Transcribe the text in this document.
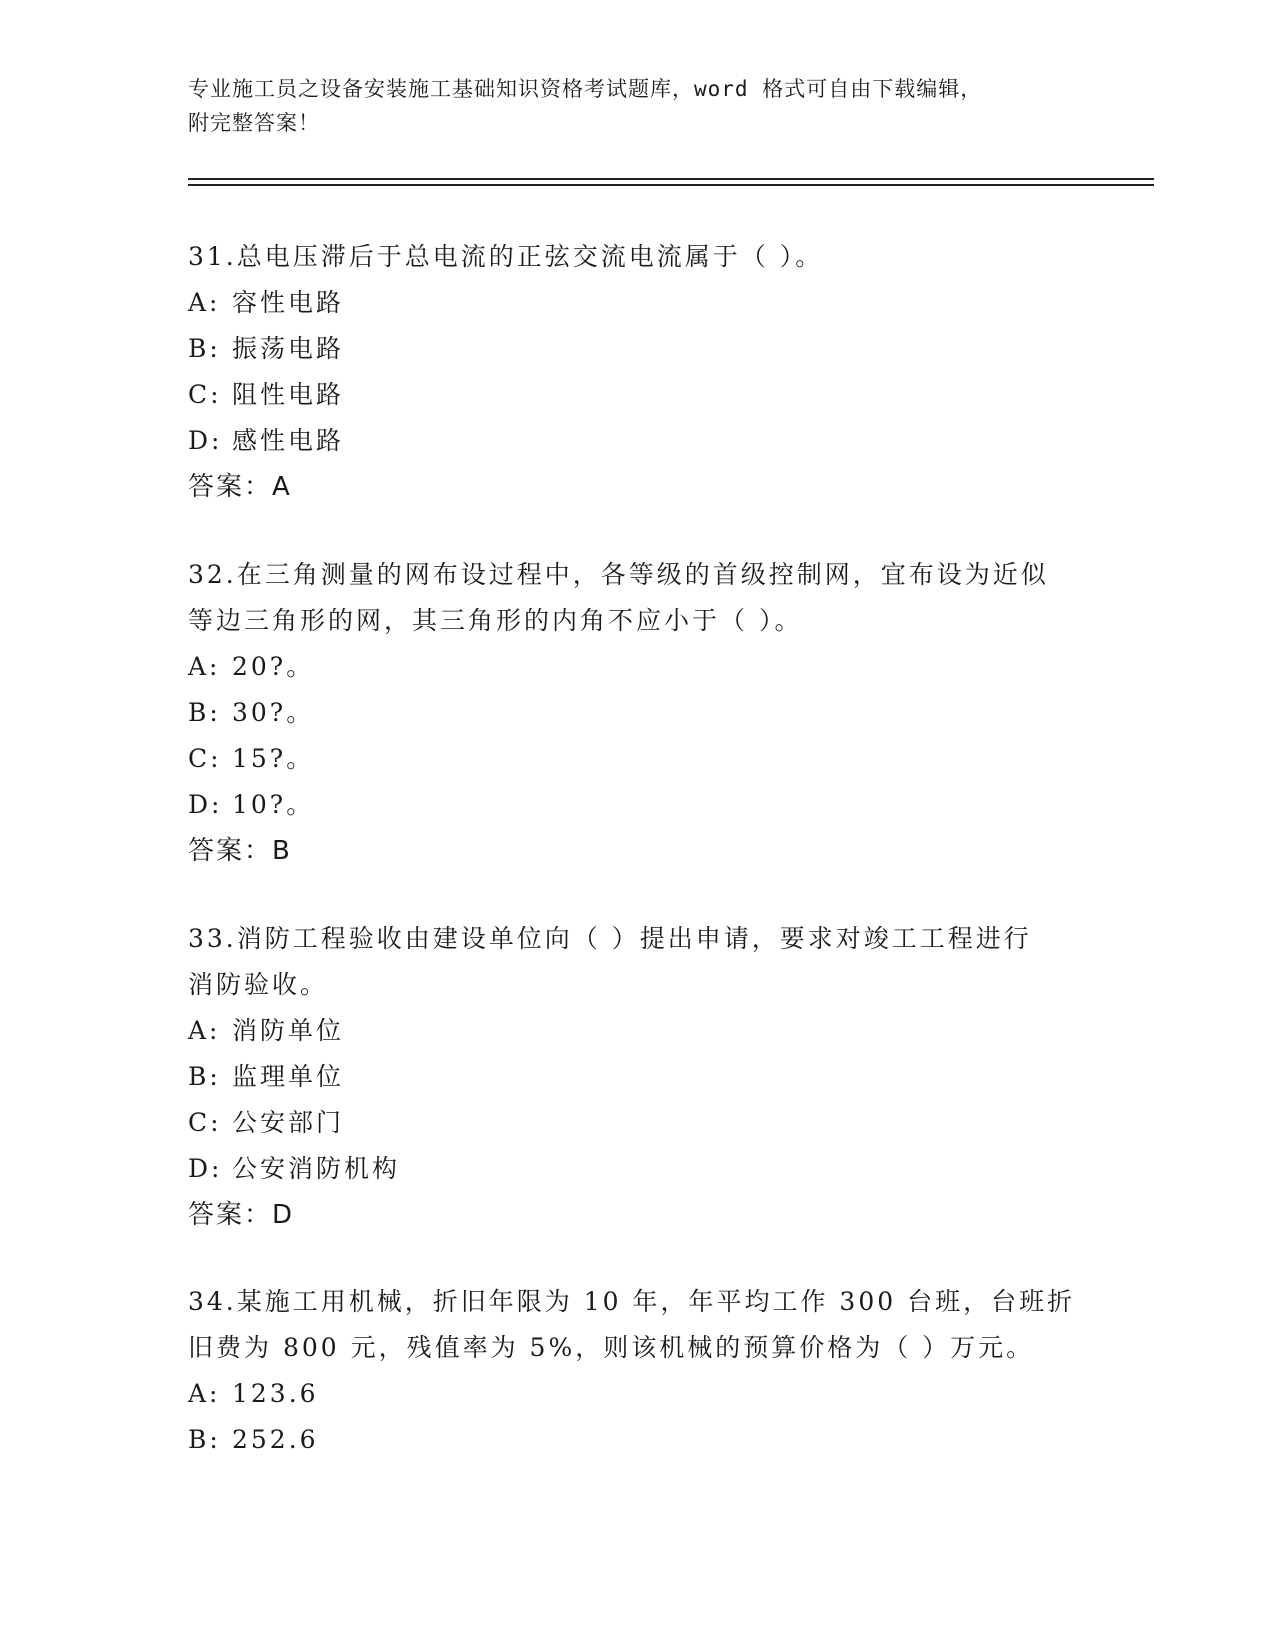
专业施工员之设备安装施工基础知识资格考试题库，word 格式可自由下载编辑，
附完整答案！
31.总电压滞后于总电流的正弦交流电流属于（ ）。
A: 容性电路
B: 振荡电路
C: 阻性电路
D: 感性电路
答案：A
32.在三角测量的网布设过程中，各等级的首级控制网，宜布设为近似
等边三角形的网，其三角形的内角不应小于（ ）。
A: 20?。
B: 30?。
C: 15?。
D: 10?。
答案：B
33.消防工程验收由建设单位向（ ）提出申请，要求对竣工工程进行
消防验收。
A: 消防单位
B: 监理单位
C: 公安部门
D: 公安消防机构
答案：D
34.某施工用机械，折旧年限为 10 年，年平均工作 300 台班，台班折
旧费为 800 元，残值率为 5%，则该机械的预算价格为（ ）万元。
A: 123.6
B: 252.6
